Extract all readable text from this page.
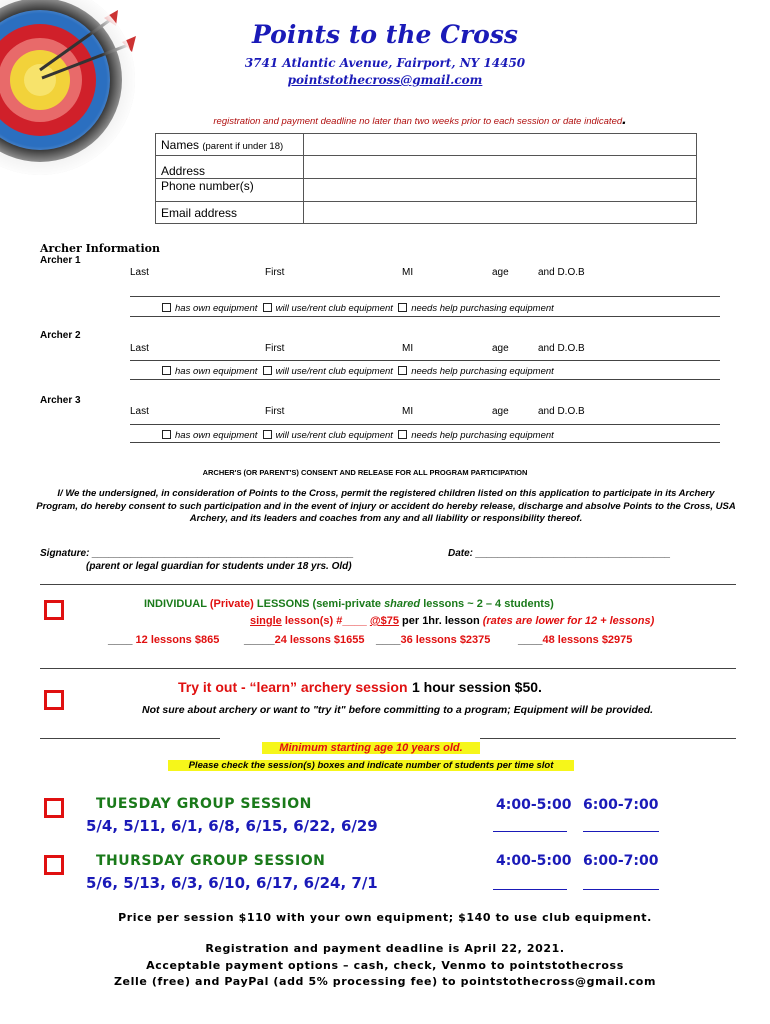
Points to the Cross
3741 Atlantic Avenue, Fairport, NY 14450
pointstothecross@gmail.com
registration and payment deadline no later than two weeks prior to each session or date indicated.
Names (parent if under 18)	
Address	
Phone number(s)	
Email address	
Archer Information
Archer 1
Last	First	MI	age	and D.O.B
has own equipment will use/rent club equipment needs help purchasing equipment
Archer 2
Last	First	MI	age	and D.O.B
has own equipment will use/rent club equipment needs help purchasing equipment
Archer 3
Last	First	MI	age	and D.O.B
has own equipment will use/rent club equipment needs help purchasing equipment
ARCHER'S (OR PARENT'S) CONSENT AND RELEASE FOR ALL PROGRAM PARTICIPATION
I/ We the undersigned, in consideration of Points to the Cross, permit the registered children listed on this application to participate in its Archery Program, do hereby consent to such participation and in the event of injury or accident do hereby release, discharge and absolve Points to the Cross, USA Archery, and its leaders and coaches from any and all liability or responsibility thereof.
Signature: _______________________________________________
(parent or legal guardian for students under 18 yrs. Old)
Date: ___________________________________
INDIVIDUAL (Private) LESSONS (semi-private shared lessons ~ 2 – 4 students)
single lesson(s) #____ @$75 per 1hr. lesson (rates are lower for 12 + lessons)
____ 12 lessons $865 _____24 lessons $1655 ____36 lessons $2375	____48 lessons $2975
Try it out - “learn” archery session 1 hour session $50.
Not sure about archery or want to "try it" before committing to a program; Equipment will be provided.
Minimum starting age 10 years old.
Please check the session(s) boxes and indicate number of students per time slot
TUESDAY GROUP SESSION
5/4, 5/11, 6/1, 6/8, 6/15, 6/22, 6/29
4:00-5:00 6:00-7:00
THURSDAY GROUP SESSION
5/6, 5/13, 6/3, 6/10, 6/17, 6/24, 7/1
4:00-5:00 6:00-7:00
Price per session $110 with your own equipment; $140 to use club equipment.
Registration and payment deadline is April 22, 2021.
Acceptable payment options – cash, check, Venmo to pointstothecross
Zelle (free) and PayPal (add 5% processing fee) to pointstothecross@gmail.com
